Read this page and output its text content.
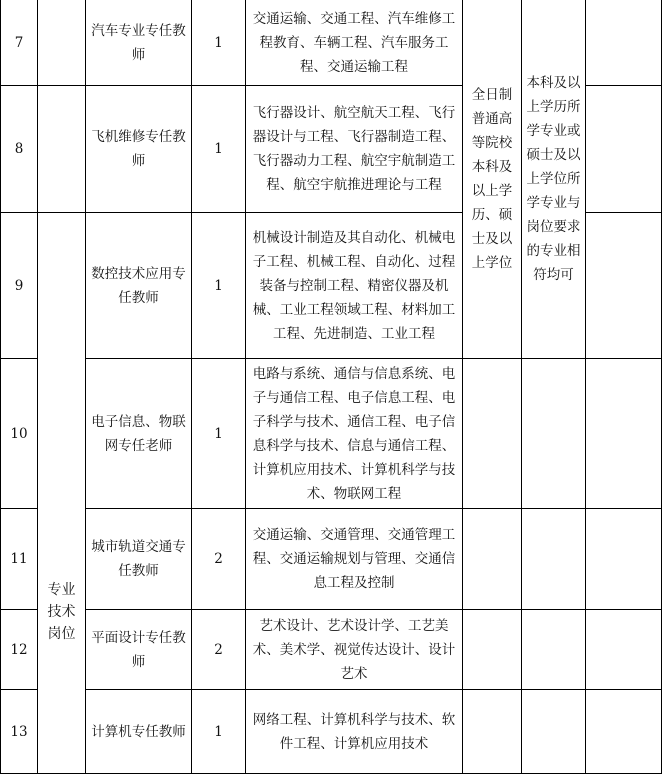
7		汽车专业专任教师	1	交通运输、交通工程、汽车维修工程教育、车辆工程、汽车服务工程、交通运输工程	全日制普通高等院校本科及以上学历、硕士及以上学位	本科及以上学历所学专业或硕士及以上学位所学专业与岗位要求的专业相符均可	
8		飞机维修专任教师	1	飞行器设计、航空航天工程、飞行器设计与工程、飞行器制造工程、飞行器动力工程、航空宇航制造工程、航空宇航推进理论与工程			
9	专业技术岗位	数控技术应用专任教师	1	机械设计制造及其自动化、机械电子工程、机械工程、自动化、过程装备与控制工程、精密仪器及机械、工业工程领域工程、材料加工工程、先进制造、工业工程			
10		电子信息、物联网专任老师	1	电路与系统、通信与信息系统、电子与通信工程、电子信息工程、电子科学与技术、通信工程、电子信息科学与技术、信息与通信工程、计算机应用技术、计算机科学与技术、物联网工程			
11		城市轨道交通专任教师	2	交通运输、交通管理、交通管理工程、交通运输规划与管理、交通信息工程及控制			
12		平面设计专任教师	2	艺术设计、艺术设计学、工艺美术、美术学、视觉传达设计、设计艺术			
13		计算机专任教师	1	网络工程、计算机科学与技术、软件工程、计算机应用技术			
